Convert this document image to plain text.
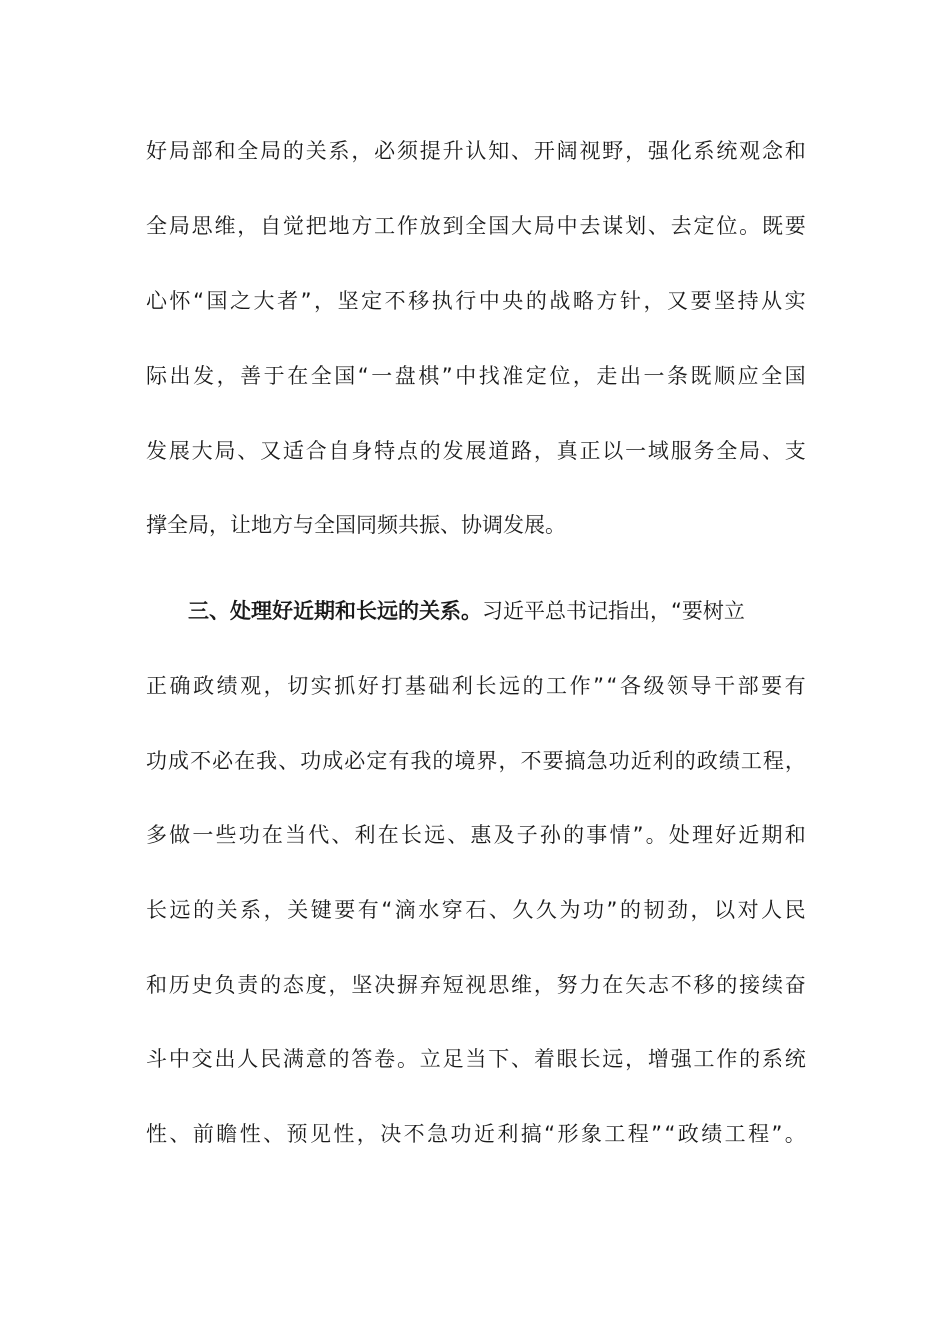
好 局 部 和 全 局 的 关 系 ， 必 须 提 升 认 知 、 开 阔 视 野 ， 强 化 系 统 观 念 和
全 局 思 维 ， 自 觉 把 地 方 工 作 放 到 全 国 大 局 中 去 谋 划 、 去 定 位 。 既 要
心 怀 “ 国 之 大 者 ” ， 坚 定 不 移 执 行 中 央 的 战 略 方 针 ， 又 要 坚 持 从 实
际 出 发 ， 善 于 在 全 国 “ 一 盘 棋 ” 中 找 准 定 位 ， 走 出 一 条 既 顺 应 全 国
发 展 大 局 、 又 适 合 自 身 特 点 的 发 展 道 路 ， 真 正 以 一 域 服 务 全 局 、 支
撑全局，让地方与全国同频共振、协调发展。
三、处理好近期和长远的关系。 习近平总书记指出，“要树立
正 确 政 绩 观 ， 切 实 抓 好 打 基 础 利 长 远 的 工 作 ” “ 各 级 领 导 干 部 要 有
功 成 不 必 在 我 、 功 成 必 定 有 我 的 境 界 ， 不 要 搞 急 功 近 利 的 政 绩 工 程 ，
多 做 一 些 功 在 当 代 、 利 在 长 远 、 惠 及 子 孙 的 事 情 ” 。 处 理 好 近 期 和
长 远 的 关 系 ， 关 键 要 有 “ 滴 水 穿 石 、 久 久 为 功 ” 的 韧 劲 ， 以 对 人 民
和 历 史 负 责 的 态 度 ， 坚 决 摒 弃 短 视 思 维 ， 努 力 在 矢 志 不 移 的 接 续 奋
斗 中 交 出 人 民 满 意 的 答 卷 。 立 足 当 下 、 着 眼 长 远 ， 增 强 工 作 的 系 统
性 、 前 瞻 性 、 预 见 性 ， 决 不 急 功 近 利 搞 “ 形 象 工 程 ” “ 政 绩 工 程 ” 。
